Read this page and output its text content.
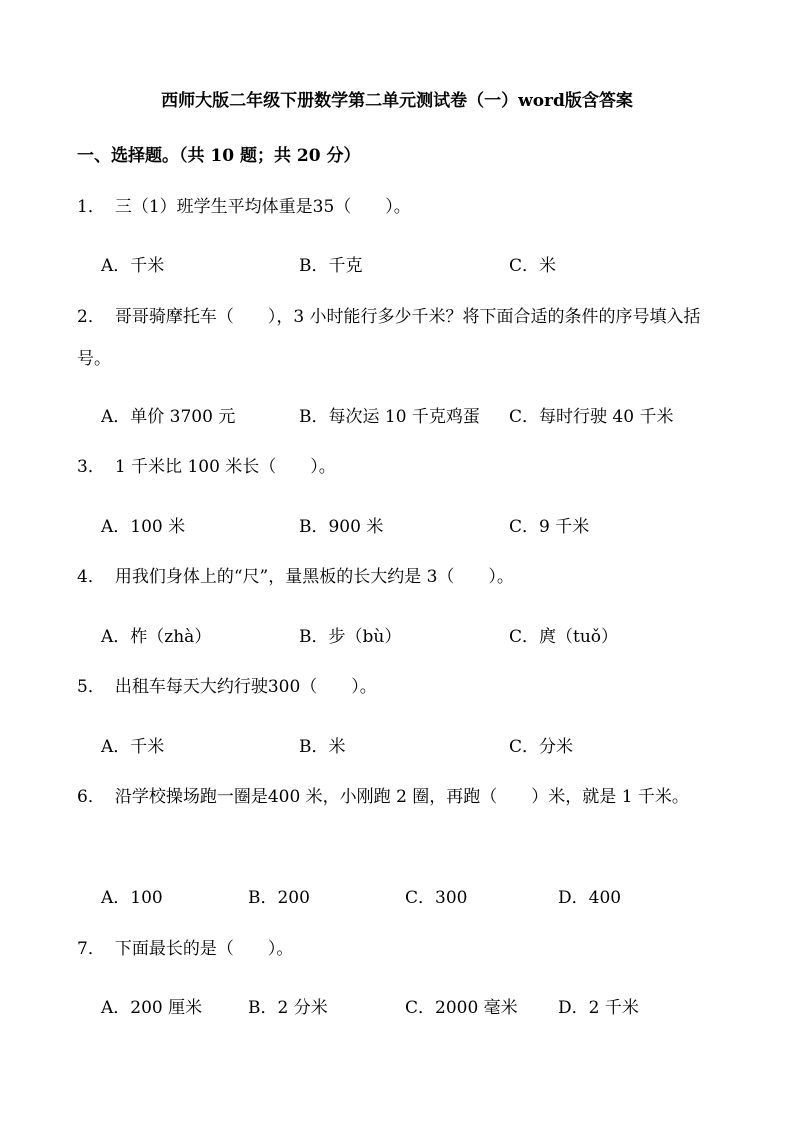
西师大版二年级下册数学第二单元测试卷（一）word版含答案
一、选择题。（共 10 题；共 20 分）
1． 三（1）班学生平均体重是35（　　）。
A．千米	B．千克	C．米
2． 哥哥骑摩托车（　　），3 小时能行多少千米？将下面合适的条件的序号填入括号。
A．单价 3700 元	B．每次运 10 千克鸡蛋 C．每时行驶 40 千米
3． 1 千米比 100 米长（　　）。
A．100 米	B．900 米	C．9 千米
4． 用我们身体上的“尺”，量黑板的长大约是 3（　　）。
A．柞（zhà）	B．步（bù）	C．庹（tuǒ）
5． 出租车每天大约行驶300（　　）。
A．千米	B．米	C．分米
6． 沿学校操场跑一圈是400 米，小刚跑 2 圈，再跑（　　）米，就是 1 千米。
A．100	B．200	C．300	D．400
7． 下面最长的是（　　）。
A．200 厘米	B．2 分米	C．2000 毫米 D．2 千米
